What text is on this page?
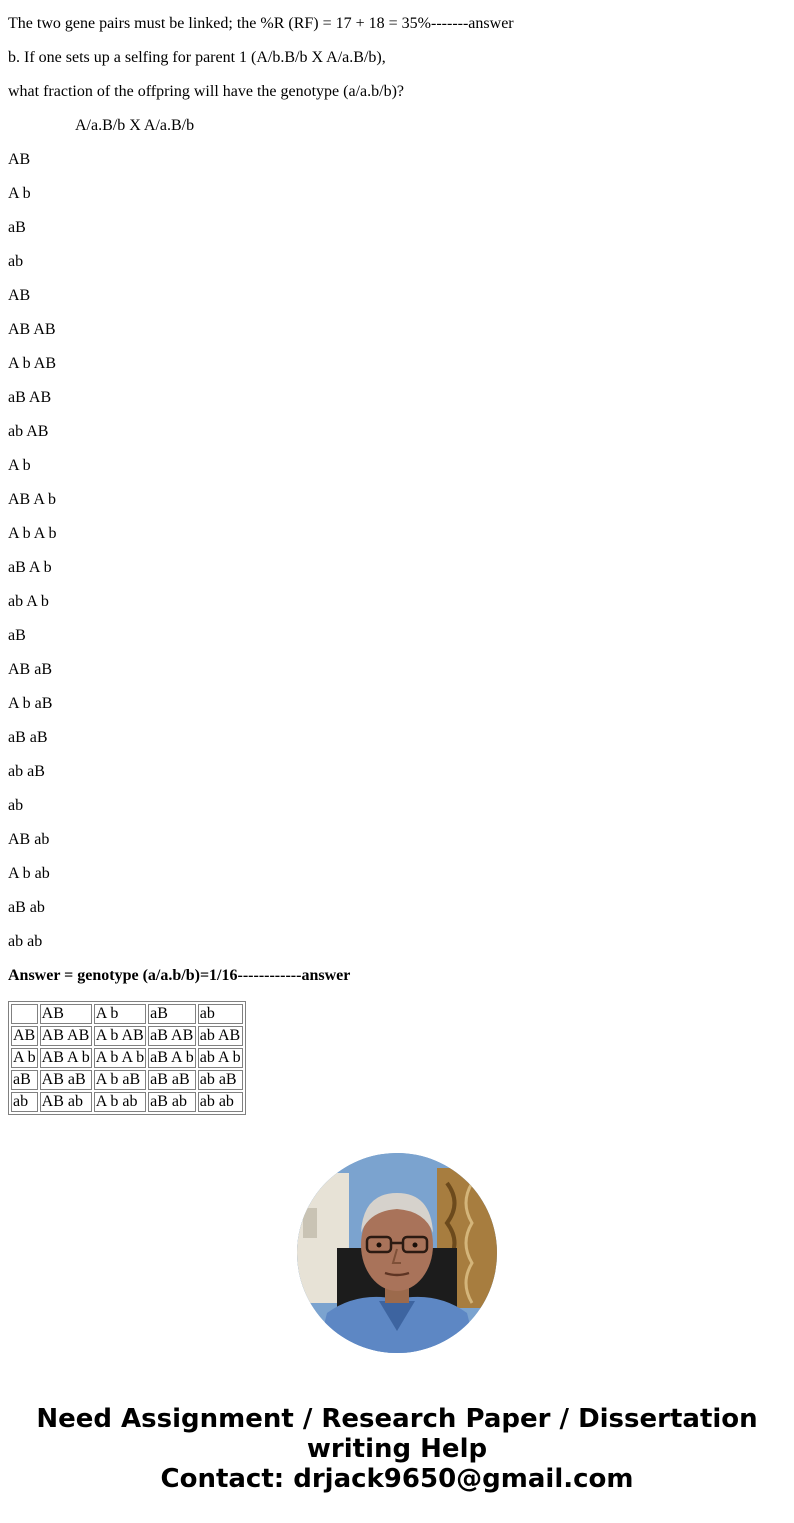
The two gene pairs must be linked; the %R (RF) = 17 + 18 = 35%-------answer
b. If one sets up a selfing for parent 1 (A/b.B/b X A/a.B/b),
what fraction of the offpring will have the genotype (a/a.b/b)?
A/a.B/b X A/a.B/b
AB
A b
aB
ab
AB
AB AB
A b AB
aB AB
ab AB
A b
AB A b
A b A b
aB A b
ab A b
aB
AB aB
A b aB
aB aB
ab aB
ab
AB ab
A b ab
aB ab
ab ab
Answer = genotype (a/a.b/b)=1/16------------answer
	AB	A b	aB	ab
AB	AB AB	A b AB	aB AB	ab AB
A b	AB A b	A b A b	aB A b	ab A b
aB	AB aB	A b aB	aB aB	ab aB
ab	AB ab	A b ab	aB ab	ab ab
Need Assignment / Research Paper / Dissertation
writing Help
Contact: drjack9650@gmail.com
